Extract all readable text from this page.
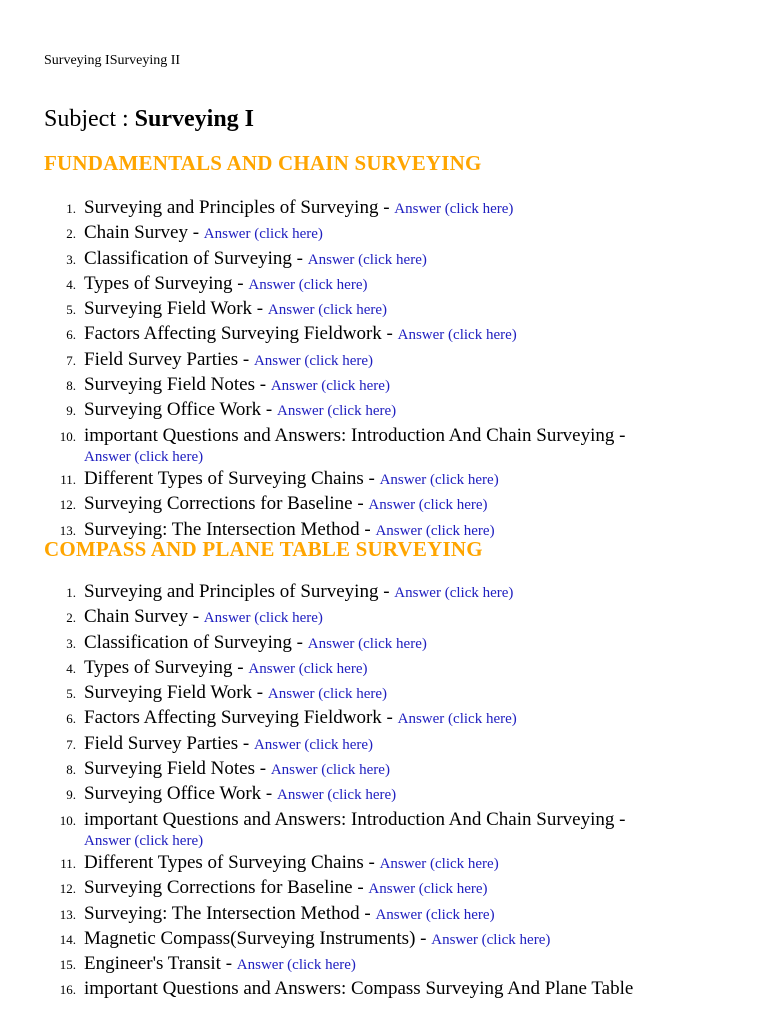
Surveying ISurveying II
Subject : Surveying I
FUNDAMENTALS AND CHAIN SURVEYING
1. Surveying and Principles of Surveying - Answer (click here)
2. Chain Survey - Answer (click here)
3. Classification of Surveying - Answer (click here)
4. Types of Surveying - Answer (click here)
5. Surveying Field Work - Answer (click here)
6. Factors Affecting Surveying Fieldwork - Answer (click here)
7. Field Survey Parties - Answer (click here)
8. Surveying Field Notes - Answer (click here)
9. Surveying Office Work - Answer (click here)
10. important Questions and Answers: Introduction And Chain Surveying -
Answer (click here)
11. Different Types of Surveying Chains - Answer (click here)
12. Surveying Corrections for Baseline - Answer (click here)
13. Surveying: The Intersection Method - Answer (click here)
COMPASS AND PLANE TABLE SURVEYING
1. Surveying and Principles of Surveying - Answer (click here)
2. Chain Survey - Answer (click here)
3. Classification of Surveying - Answer (click here)
4. Types of Surveying - Answer (click here)
5. Surveying Field Work - Answer (click here)
6. Factors Affecting Surveying Fieldwork - Answer (click here)
7. Field Survey Parties - Answer (click here)
8. Surveying Field Notes - Answer (click here)
9. Surveying Office Work - Answer (click here)
10. important Questions and Answers: Introduction And Chain Surveying -
Answer (click here)
11. Different Types of Surveying Chains - Answer (click here)
12. Surveying Corrections for Baseline - Answer (click here)
13. Surveying: The Intersection Method - Answer (click here)
14. Magnetic Compass(Surveying Instruments) - Answer (click here)
15. Engineer's Transit - Answer (click here)
16. important Questions and Answers: Compass Surveying And Plane Table
